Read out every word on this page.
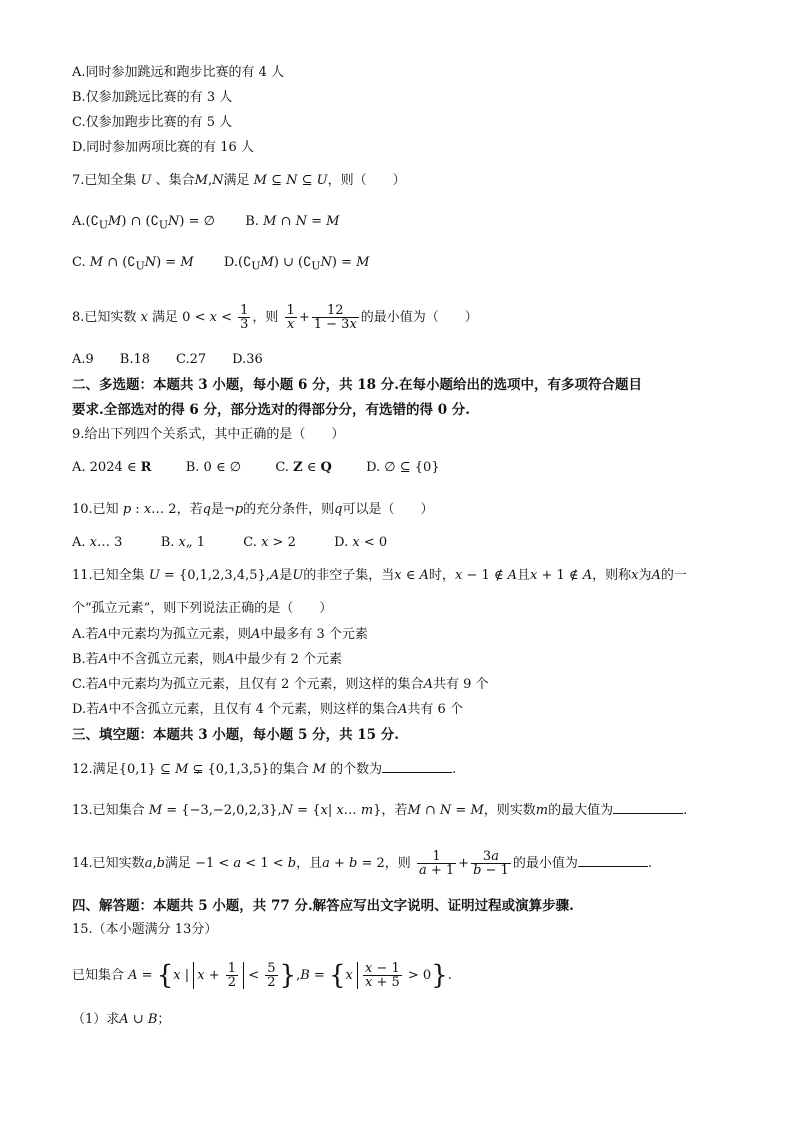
A.同时参加跳远和跑步比赛的有 4 人
B.仅参加跳远比赛的有 3 人
C.仅参加跑步比赛的有 5 人
D.同时参加两项比赛的有 16 人
7.已知全集 U 、集合M,N满足 M ⊆ N ⊆ U，则（　　）
$A.(∁_UM)$ ∩ $(∁_UN)$ = ∅  B. M ∩ N = M
C. M ∩ $(∁_UN) = M$ $D.(∁_UM)$ ∪ $(∁_UN) = M$
8.已知实数 x 满足 $0 < x < \frac{1}{3}$ ，则 $\frac{1}{x} + \frac{12}{1 - 3x}$ 的最小值为（　　）
A.9　　B.18　　C.27　　D.36
二、多选题：本题共 3 小题，每小题 6 分，共 18 分.在每小题给出的选项中，有多项符合题目
要求.全部选对的得 6 分，部分选对的得部分分，有选错的得 0 分.
9.给出下列四个关系式，其中正确的是（　　）
A. 2024 ∈ R	B. 0 ∈ ∅  C. Z ∈ Q	D. ∅ ⊆ {0}
10.已知 p : x… 2，若q是¬p的充分条件，则q可以是（　　）
A. x… 3	B. x„ 1	C. x > 2	D. x < 0
11.已知全集 U = {0,1,2,3,4,5},A是U的非空子集，当x ∈ A时，x − 1 ∉ A且x + 1 ∉ A，则称x为A的一
个“孤立元素”，则下列说法正确的是（　　）
A.若A中元素均为孤立元素，则A中最多有 3 个元素
B.若A中不含孤立元素，则A中最少有 2 个元素
C.若A中元素均为孤立元素，且仅有 2 个元素，则这样的集合A共有 9 个
D.若A中不含孤立元素，且仅有 4 个元素，则这样的集合A共有 6 个
三、填空题：本题共 3 小题，每小题 5 分，共 15 分.
12.满足{0,1} ⊆ M ⊊ {0,1,3,5}的集合 M 的个数为	.
13.已知集合 M = {−3,−2,0,2,3},N = {x| x… m}，若M ∩ N = M，则实数m的最大值为	.
14.已知实数a,b满足 −1 < a < 1 < b，且a + b = 2，则 $\frac{1}{a + 1} + \frac{3a}{b - 1}$ 的最小值为	.
四、解答题：本题共 5 小题，共 77 分.解答应写出文字说明、证明过程或演算步骤.
15.（本小题满分 13分）
已知集合 A = {x | $x + \frac{1}{2} < \frac{5}{2} \},B = \{x \frac{x - 1}{x + 5} > 0\}$.
（1）求A ∪ B；
